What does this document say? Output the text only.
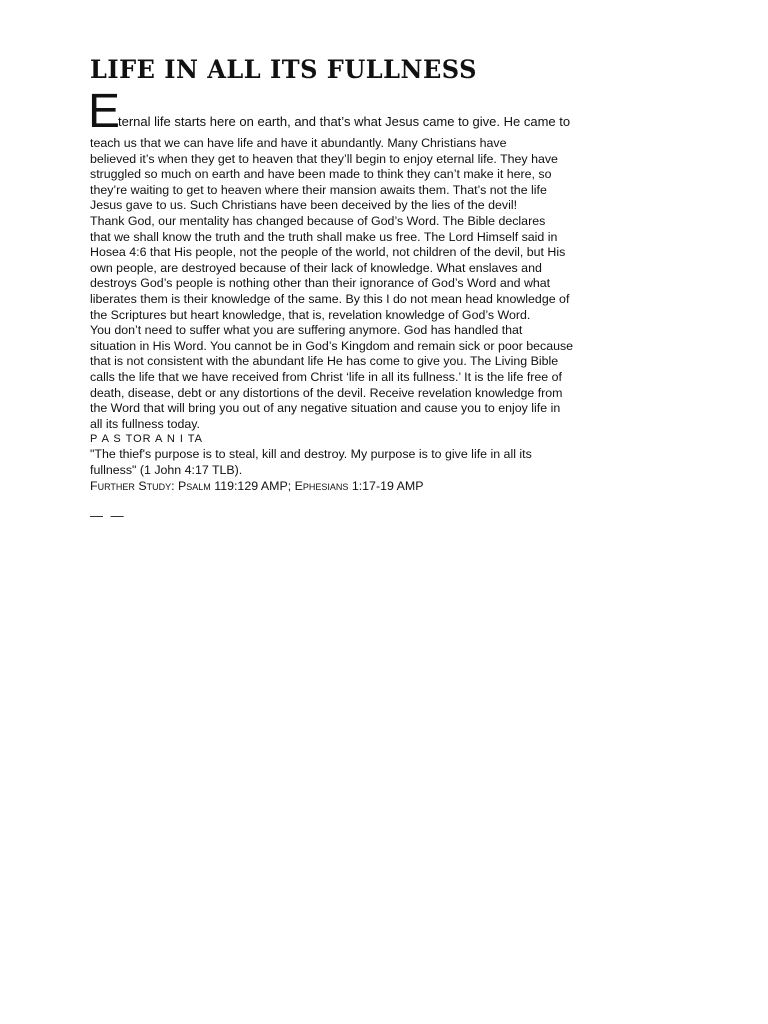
LIFE IN ALL ITS FULLNESS
E
ternal life starts here on earth, and that’s what Jesus came to give. He came to
teach us that we can have life and have it abundantly. Many Christians have
believed it’s when they get to heaven that they’ll begin to enjoy eternal life. They have
struggled so much on earth and have been made to think they can’t make it here, so
they’re waiting to get to heaven where their mansion awaits them. That’s not the life
Jesus gave to us. Such Christians have been deceived by the lies of the devil!
Thank God, our mentality has changed because of God’s Word. The Bible declares
that we shall know the truth and the truth shall make us free. The Lord Himself said in
Hosea 4:6 that His people, not the people of the world, not children of the devil, but His
own people, are destroyed because of their lack of knowledge. What enslaves and
destroys God’s people is nothing other than their ignorance of God’s Word and what
liberates them is their knowledge of the same. By this I do not mean head knowledge of
the Scriptures but heart knowledge, that is, revelation knowledge of God’s Word.
You don’t need to suffer what you are suffering anymore. God has handled that
situation in His Word. You cannot be in God’s Kingdom and remain sick or poor because
that is not consistent with the abundant life He has come to give you. The Living Bible
calls the life that we have received from Christ ‘life in all its fullness.’ It is the life free of
death, disease, debt or any distortions of the devil. Receive revelation knowledge from
the Word that will bring you out of any negative situation and cause you to enjoy life in
all its fullness today.
P A S TOR A N I TA
"The thief's purpose is to steal, kill and destroy. My purpose is to give life in all its
fullness" (1 John 4:17 TLB).
Further Study: Psalm 119:129 AMP; Ephesians 1:17-19 AMP
— —
